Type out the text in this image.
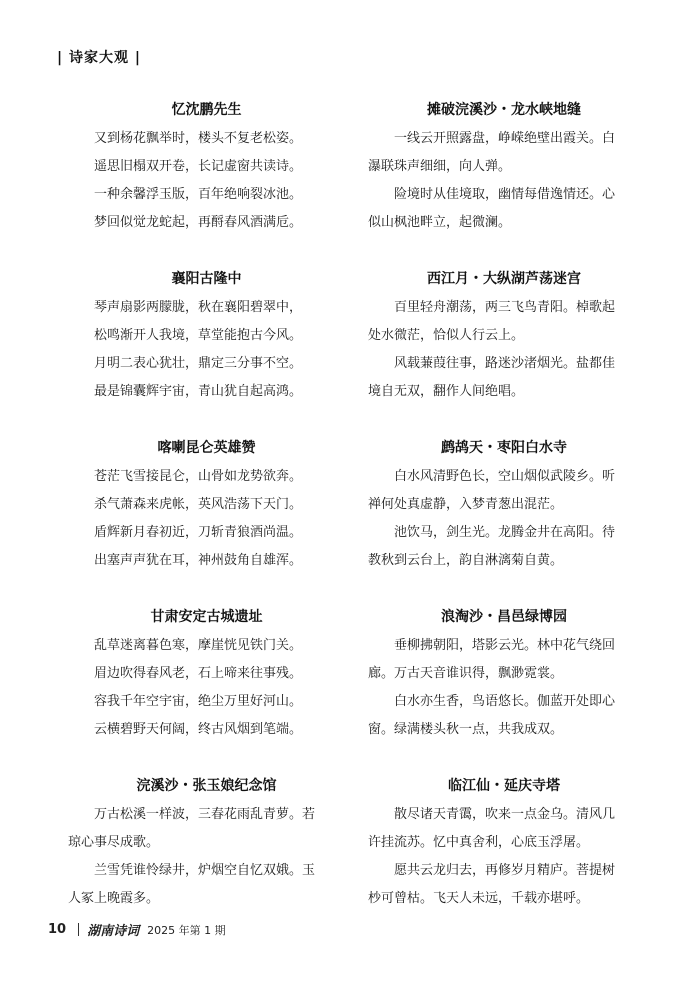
| 诗家大观 |
忆沈鹏先生
又到杨花飘举时，楼头不复老松姿。
遥思旧榻双开卷，长记虚窗共读诗。
一种余馨浮玉版，百年绝响裂冰池。
梦回似觉龙蛇起，再酹春风酒满卮。
襄阳古隆中
琴声扇影两朦胧，秋在襄阳碧翠中，
松鸣渐开人我境，草堂能抱古今风。
月明二表心犹壮，鼎定三分事不空。
最是锦囊辉宇宙，青山犹自起高鸿。
喀喇昆仑英雄赞
苍茫飞雪接昆仑，山骨如龙势欲奔。
杀气萧森来虎帐，英风浩荡下天门。
盾辉新月春初近，刀斩青狼酒尚温。
出塞声声犹在耳，神州鼓角自雄浑。
甘肃安定古城遗址
乱草迷离暮色寒，摩崖恍见铁门关。
眉边吹得春风老，石上啼来往事残。
容我千年空宇宙，绝尘万里好河山。
云横碧野天何阔，终古风烟到笔端。
浣溪沙・张玉娘纪念馆
万古松溪一样波，三春花雨乱青萝。若
琼心事尽成歌。
兰雪凭谁怜绿井，炉烟空自忆双娥。玉
人冢上晚霞多。
摊破浣溪沙・龙水峡地缝
一线云开照露盘，峥嵘绝壁出霞关。白
瀑联珠声细细，向人弹。
险境时从佳境取，幽情每借逸情还。心
似山枫池畔立，起微澜。
西江月・大纵湖芦荡迷宫
百里轻舟潮荡，两三飞鸟青阳。棹歌起
处水微茫，恰似人行云上。
风载蒹葭往事，路迷沙渚烟光。盐都佳
境自无双，翻作人间绝唱。
鹧鸪天・枣阳白水寺
白水风清野色长，空山烟似武陵乡。听
禅何处真虚静，入梦青葱出混茫。
池饮马，剑生光。龙腾金井在高阳。待
教秋到云台上，韵自淋漓菊自黄。
浪淘沙・昌邑绿博园
垂柳拂朝阳，塔影云光。林中花气绕回
廊。万古天音谁识得，飘渺霓裳。
白水亦生香，鸟语悠长。伽蓝开处即心
窗。绿满楼头秋一点，共我成双。
临江仙・延庆寺塔
散尽诸天青霭，吹来一点金乌。清风几
许挂流苏。忆中真舍利，心底玉浮屠。
愿共云龙归去，再修岁月精庐。菩提树
杪可曾枯。飞天人未远，千载亦堪呼。
10 湖南诗词 2025 年第 1 期
